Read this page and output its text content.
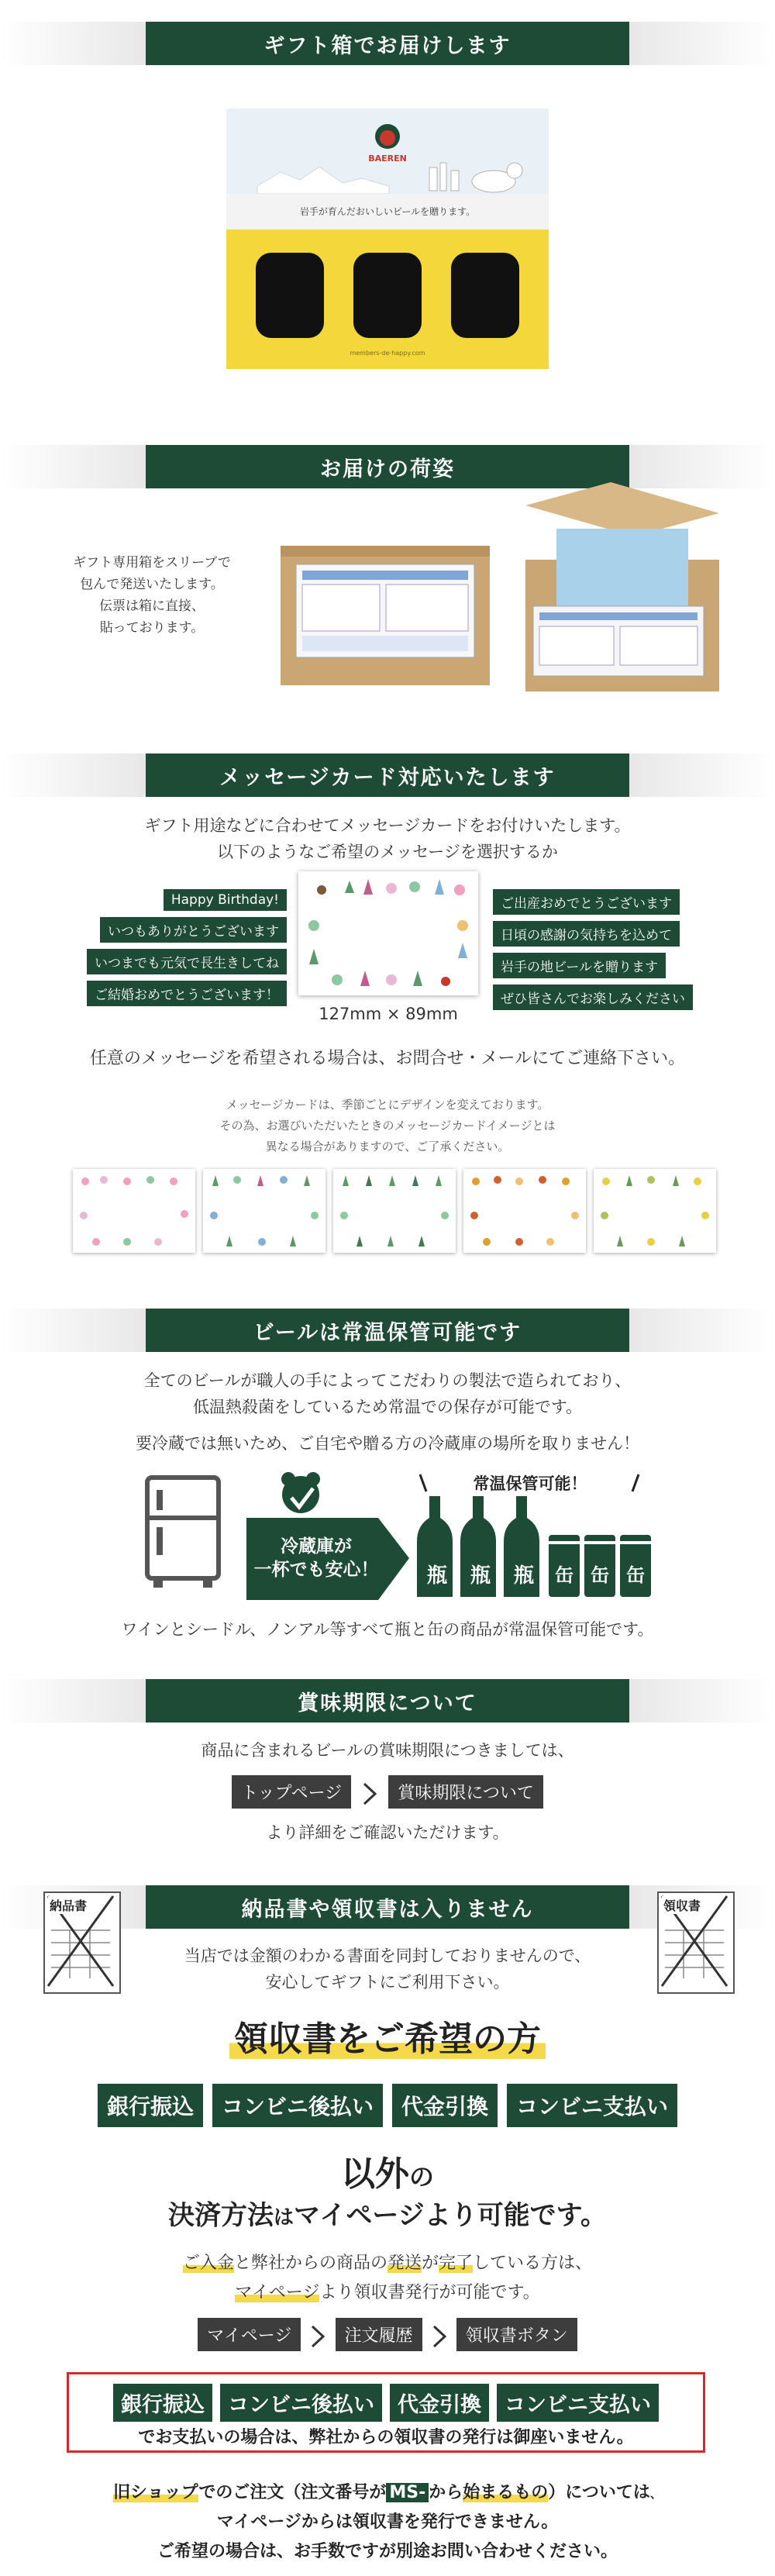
ギフト箱でお届けします
BAEREN
岩手が育んだおいしいビールを贈ります。
members-de-happy.com
お届けの荷姿
ギフト専用箱をスリーブで
包んで発送いたします。
伝票は箱に直接、
貼っております。
メッセージカード対応いたします
ギフト用途などに合わせてメッセージカードをお付けいたします。
以下のようなご希望のメッセージを選択するか
Happy Birthday!
いつもありがとうございます
いつまでも元気で長生きしてね
ご結婚おめでとうございます！
ご出産おめでとうございます
日頃の感謝の気持ちを込めて
岩手の地ビールを贈ります
ぜひ皆さんでお楽しみください
127mm × 89mm
任意のメッセージを希望される場合は、お問合せ・メールにてご連絡下さい。
メッセージカードは、季節ごとにデザインを変えております。
その為、お選びいただいたときのメッセージカードイメージとは
異なる場合がありますので、ご了承ください。
ビールは常温保管可能です
全てのビールが職人の手によってこだわりの製法で造られており、
低温熱殺菌をしているため常温での保存が可能です。
要冷蔵では無いため、ご自宅や贈る方の冷蔵庫の場所を取りません！
冷蔵庫が
一杯でも安心！
常温保管可能！
瓶 瓶 瓶	缶 缶 缶
ワインとシードル、ノンアル等すべて瓶と缶の商品が常温保管可能です。
賞味期限について
商品に含まれるビールの賞味期限につきましては、
トップページ	賞味期限について
より詳細をご確認いただけます。
納品書や領収書は入りません
納品書	領収書
当店では金額のわかる書面を同封しておりませんので、
安心してギフトにご利用下さい。
領収書をご希望の方
銀行振込	コンビニ後払い	代金引換	コンビニ支払い
以外の
決済方法はマイページより可能です。
ご入金と弊社からの商品の発送が完了している方は、
マイページより領収書発行が可能です。
マイページ	注文履歴	領収書ボタン
銀行振込	コンビニ後払い	代金引換	コンビニ支払い
でお支払いの場合は、弊社からの領収書の発行は御座いません。
旧ショップでのご注文（注文番号が MS- から始まるもの）については、
マイページからは領収書を発行できません。
ご希望の場合は、お手数ですが別途お問い合わせください。
